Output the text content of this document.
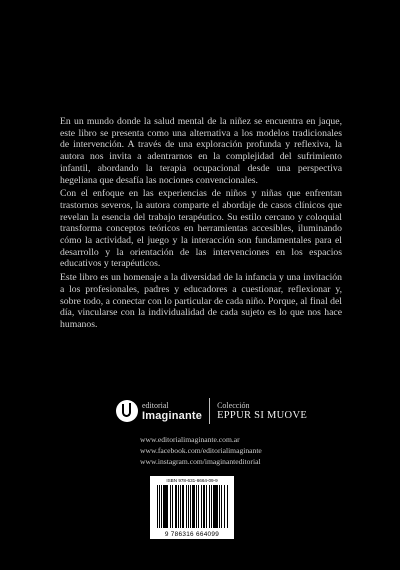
En un mundo donde la salud mental de la niñez se encuentra en jaque, este libro se presenta como una alternativa a los modelos tradicionales de intervención. A través de una exploración profunda y reflexiva, la autora nos invita a adentrarnos en la complejidad del sufrimiento infantil, abordando la terapia ocupacional desde una perspectiva hegeliana que desafía las nociones convencionales.

Con el enfoque en las experiencias de niños y niñas que enfrentan trastornos severos, la autora comparte el abordaje de casos clínicos que revelan la esencia del trabajo terapéutico. Su estilo cercano y coloquial transforma conceptos teóricos en herramientas accesibles, iluminando cómo la actividad, el juego y la interacción son fundamentales para el desarrollo y la orientación de las intervenciones en los espacios educativos y terapéuticos.

Este libro es un homenaje a la diversidad de la infancia y una invitación a los profesionales, padres y educadores a cuestionar, reflexionar y, sobre todo, a conectar con lo particular de cada niño. Porque, al final del día, vincularse con la individualidad de cada sujeto es lo que nos hace humanos.

editorial
Imaginante
Colección
EPPUR SI MUOVE
www.editorialimaginante.com.ar
www.facebook.com/editorialimaginante
www.instagram.com/imaginanteditorial
ISBN 978-631-6664-09-9
9 786316 664099
